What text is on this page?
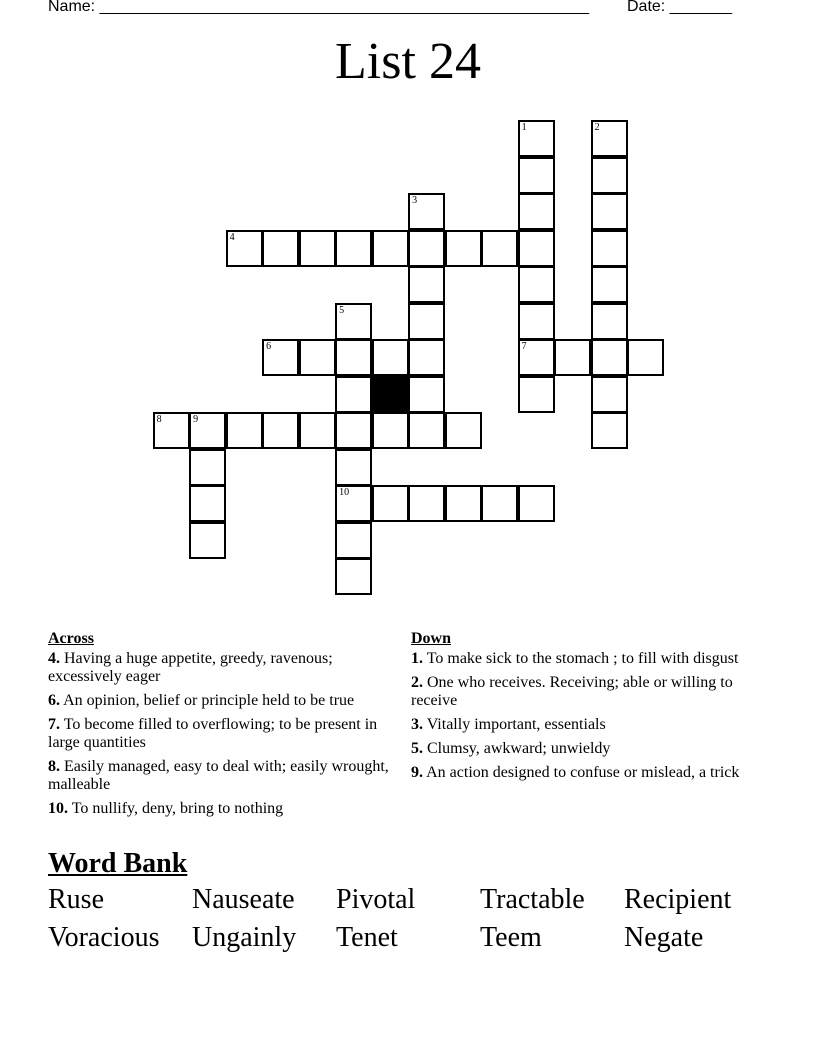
Name: _______________________________________________________ Date: _______
List 24
1
7
2
3
4
5
10
6
8	9
Across
4. Having a huge appetite, greedy, ravenous; excessively eager
6. An opinion, belief or principle held to be true
7. To become filled to overflowing; to be present in large quantities
8. Easily managed, easy to deal with; easily wrought, malleable
10. To nullify, deny, bring to nothing
Down
1. To make sick to the stomach ; to fill with disgust
2. One who receives. Receiving; able or willing to receive
3. Vitally important, essentials
5. Clumsy, awkward; unwieldy
9. An action designed to confuse or mislead, a trick
Word Bank
Ruse	Nauseate Pivotal Tractable Recipient
Voracious Ungainly Tenet	Teem	Negate
